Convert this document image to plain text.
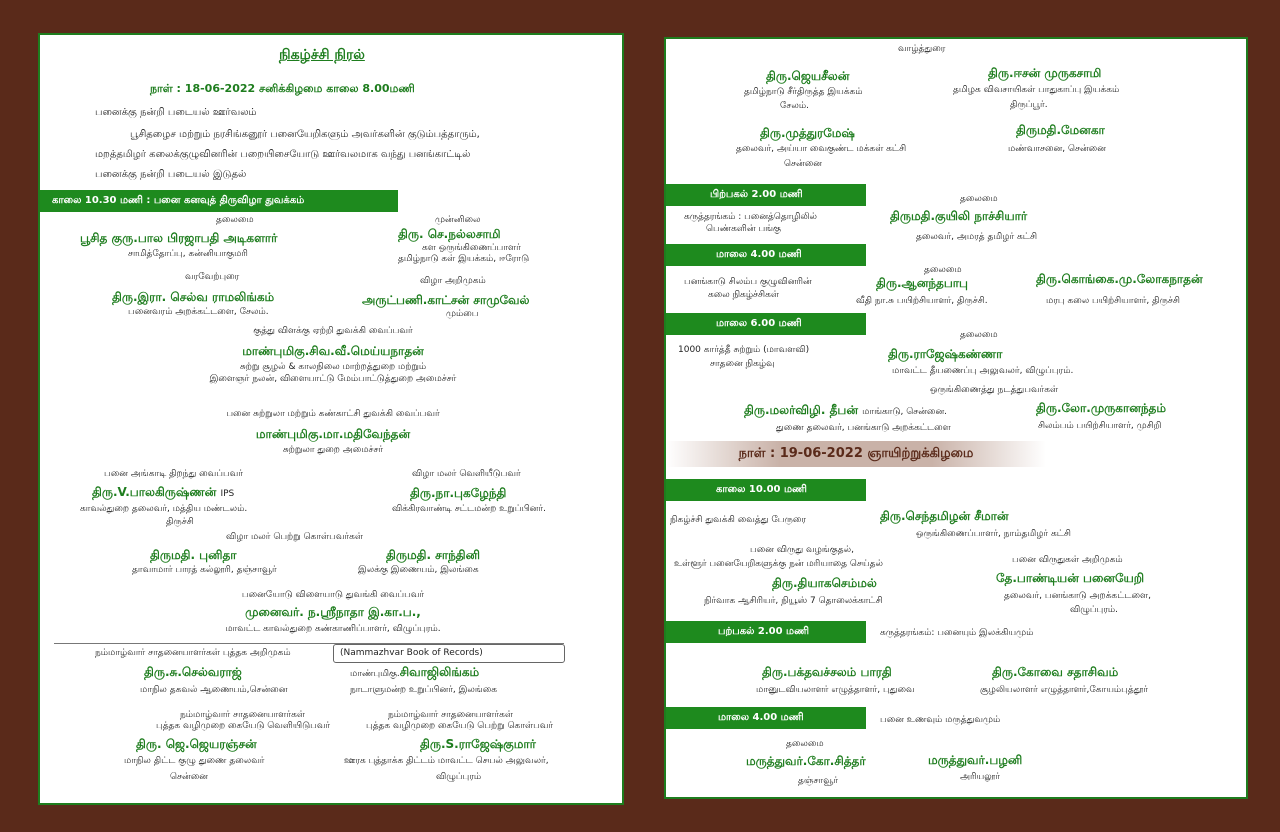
நிகழ்ச்சி நிரல்
நாள் : 18-06-2022 சனிக்கிழமை காலை 8.00மணி
பனைக்கு நன்றி படையல் ஊர்வலம்
பூசிதழைச மற்றும் நரசிங்கனூர் பனையேறிகளும் அவர்களின் குடும்பத்தாரும்,
மறத்தமிழர் கலைக்குழுவினரின் பறையிசையோடு ஊர்வலமாக வந்து பனங்காட்டில்
பனைக்கு நன்றி படையல் இடுதல்
காலை 10.30 மணி : பனை கனவுத் திருவிழா துவக்கம்
தலைமை
பூசித குரு.பால பிரஜாபதி அடிகளார்
சாமித்தோப்பு, கன்னியாகுமரி
முன்னிலை
திரு. செ.நல்லசாமி
கள ஒருங்கிணைப்பாளர்
தமிழ்நாடு கள் இயக்கம், ஈரோடு
வரவேற்புரை
திரு.இரா. செல்வ ராமலிங்கம்
பனைவரம் அறக்கட்டளை, சேலம்.
விழா அறிமுகம்
அருட்பணி.காட்சன் சாமுவேல்
மும்பை
குத்து விளக்கு ஏற்றி துவக்கி வைப்பவர்
மாண்புமிகு.சிவ.வீ.மெய்யநாதன்
சுற்று சூழல் & காலநிலை மாற்றத்துறை மற்றும்
இளைஞர் நலன், விளையாட்டு மேம்பாட்டுத்துறை அமைச்சர்
பனை சுற்றுலா மற்றும் கண்காட்சி துவக்கி வைப்பவர்
மாண்புமிகு.மா.மதிவேந்தன்
சுற்றுலா துறை அமைச்சர்
பனை அங்காடி திறந்து வைப்பவர்
திரு.V.பாலகிருஷ்ணன் IPS
காவல்துறை தலைவர், மத்திய மண்டலம்.
திருச்சி
விழா மலர் வெளியீடுபவர்
திரு.நா.புகழேந்தி
விக்கிரவாண்டி சட்டமன்ற உறுப்பினர்.
விழா மலர் பெற்று கொள்பவர்கள்
திருமதி. புனிதா
தாவாமார் பாரத் கல்லூரி, தஞ்சாவூர்
திருமதி. சாந்தினி
இலக்கு இணையம், இலங்கை
பனையோடு விளையாடு துவங்கி வைப்பவர்
முனைவர். ந.ஸ்ரீநாதா இ.கா.ப.,
மாவட்ட காவல்துறை கண்காணிப்பாளர், விழுப்புரம்.
நம்மாழ்வார் சாதனையாளர்கள் புத்தக அறிமுகம்	(Nammazhvar Book of Records)
திரு.சு.செல்வராஜ்
மாநில தகவல் ஆணையம்,சென்னை
மாண்புமிகு.சிவாஜிலிங்கம்
நாடாளுமன்ற உறுப்பினர், இலங்கை
நம்மாழ்வார் சாதனையாளர்கள்
புத்தக வழிமுறை கையேடு வெளியிடுபவர்
திரு. ஜெ.ஜெயரஞ்சன்
மாநில திட்ட குழு துணை தலைவர்
சென்னை
நம்மாழ்வார் சாதனையாளர்கள்
புத்தக வழிமுறை கையேடு பெற்று கொள்பவர்
திரு.S.ராஜேஷ்குமார்
ஊரக புத்தாக்க திட்டம் மாவட்ட செயல் அலுவலர்,
விழுப்புரம்
வாழ்த்துரை
திரு.ஜெயசீலன்
தமிழ்நாடு சீர்திருத்த இயக்கம்
சேலம்.
திரு.ஈசன் முருகசாமி
தமிழக விவசாயிகள் பாதுகாப்பு இயக்கம்
திருப்பூர்.
திரு.முத்துரமேஷ்
தலைவர், அய்யா வைகுண்ட மக்கள் கட்சி
சென்னை
திருமதி.மேனகா
மண்வாசனை, சென்னை
பிற்பகல் 2.00 மணி	தலைமை
கருத்தரங்கம் : பனைத்தொழிலில்
பெண்களின் பங்கு
திருமதி.குயிலி நாச்சியார்
தலைவர், அமரத் தமிழர் கட்சி
மாலை 4.00 மணி
தலைமை
பனங்காடு சிலம்ப குழுவினரின்
கலை நிகழ்ச்சிகள்
திரு.ஆனந்தபாபு
வீதி நா.சு பயிற்சியாளர், திருச்சி.
திரு.கொங்கை.மு.லோகநாதன்
மரபு கலை பயிற்சியாளர், திருச்சி
மாலை 6.00 மணி
தலைமை
1000 கார்த்தீ சுற்றும் (மாவளவி)
சாதனை நிகழ்வு
திரு.ராஜேஷ்கண்ணா
மாவட்ட தீயணைப்பு அலுவலர், விழுப்புரம்.
ஒருங்கிணைத்து நடத்துபவர்கள்
திரு.மலர்விழி. தீபன் மாங்காடு, சென்னை.
துணை தலைவர், பனங்காடு அறக்கட்டளை
திரு.லோ.முருகானந்தம்
சிலம்பம் பயிற்சியாளர், முசிறி
நாள் : 19-06-2022 ஞாயிற்றுக்கிழமை
காலை 10.00 மணி
நிகழ்ச்சி துவக்கி வைத்து பேருரை	திரு.செந்தமிழன் சீமான்
ஒருங்கிணைப்பாளர், நாம்தமிழர் கட்சி
பனை விருது வழங்குதல்,
உள்ளூர் பனையேறிகளுக்கு நன் மரியாதை செய்தல்
திரு.தியாகசெம்மல்
நிர்வாக ஆசிரியர், நியூஸ் 7 தொலைக்காட்சி
பனை விருதுகள் அறிமுகம்
தே.பாண்டியன் பனையேறி
தலைவர், பனங்காடு அறக்கட்டளை,
விழுப்புரம்.
பற்பகல் 2.00 மணி	கருத்தரங்கம்: பனையும் இலக்கியமும்
திரு.பக்தவச்சலம் பாரதி
மானுடவியலாளர் எழுத்தாளர், புதுவை
திரு.கோவை சதாசிவம்
சூழலியலாளர் எழுத்தாளர்,கோயம்புத்தூர்
மாலை 4.00 மணி	பனை உணவும் மருத்துவமும்
தலைமை
மருத்துவர்.கோ.சித்தர்
தஞ்சாவூர்
மருத்துவர்.பழனி
அரியலூர்
